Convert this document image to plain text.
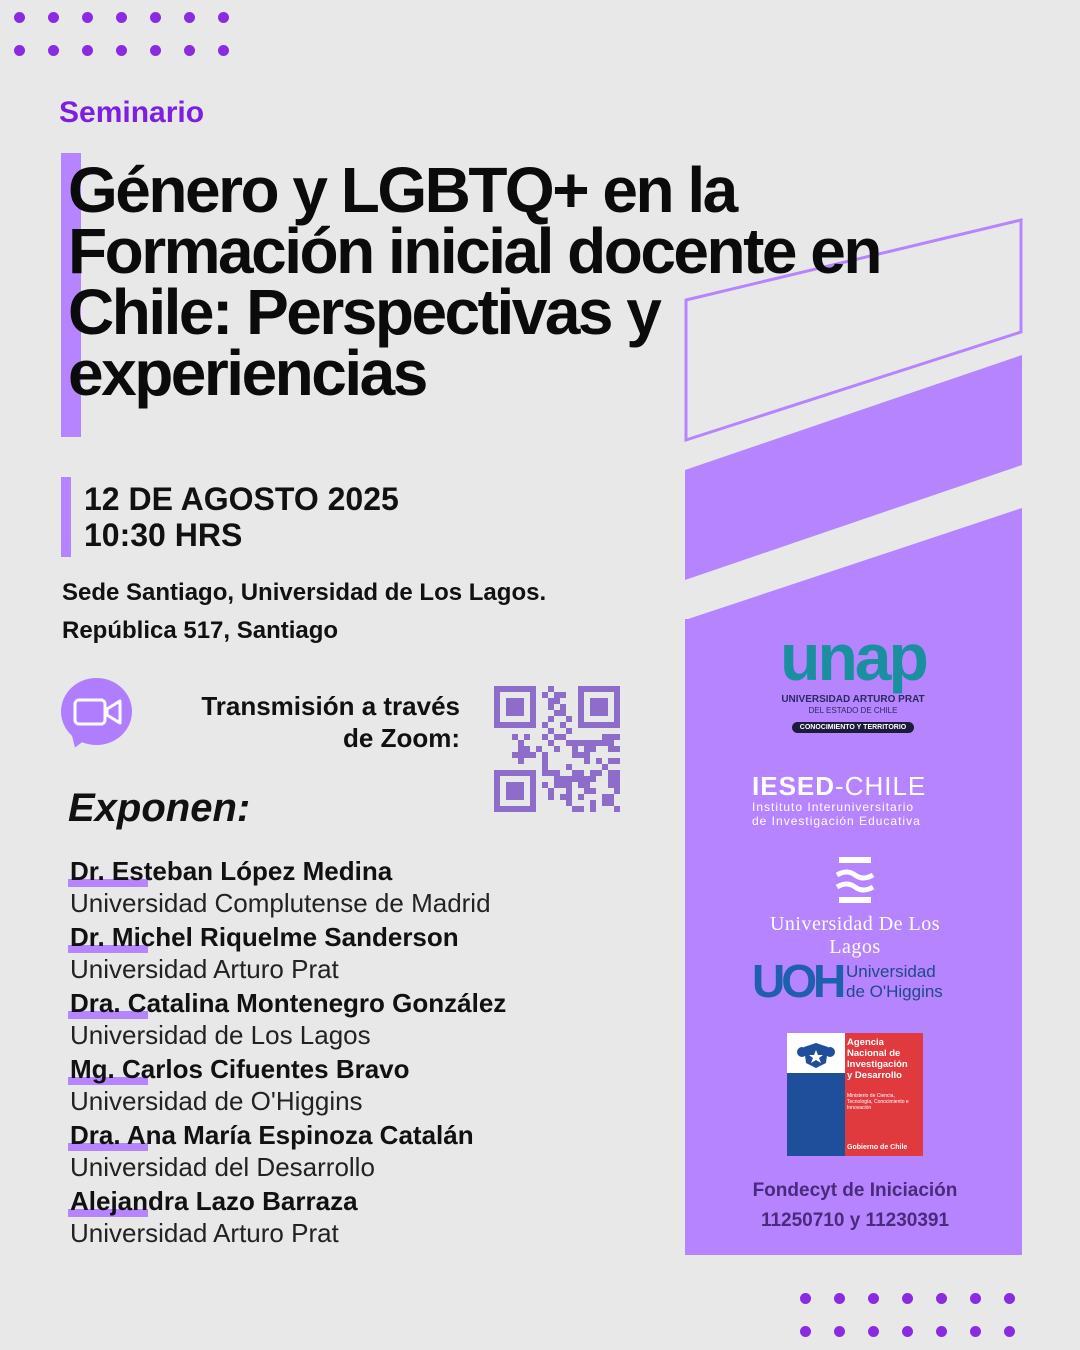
Seminario
Género y LGBTQ+ en la Formación inicial docente en Chile: Perspectivas y experiencias
12 DE AGOSTO 2025
10:30 HRS
Sede Santiago, Universidad de Los Lagos.
República 517, Santiago
Transmisión a través
de Zoom:
Exponen:
Dr. Esteban López Medina
Universidad Complutense de Madrid
Dr. Michel Riquelme Sanderson
Universidad Arturo Prat
Dra. Catalina Montenegro González
Universidad de Los Lagos
Mg. Carlos Cifuentes Bravo
Universidad de O'Higgins
Dra. Ana María Espinoza Catalán
Universidad del Desarrollo
Alejandra Lazo Barraza
Universidad Arturo Prat
unap
UNIVERSIDAD ARTURO PRAT
DEL ESTADO DE CHILE
CONOCIMIENTO Y TERRITORIO
IESED-CHILE
Instituto Interuniversitario
de Investigación Educativa
Universidad De Los Lagos
UOH Universidad
de O'Higgins
Agencia
Nacional de
Investigación
y Desarrollo
Ministerio de Ciencia, Tecnología, Conocimiento e Innovación
Gobierno de Chile
Fondecyt de Iniciación
11250710 y 11230391
